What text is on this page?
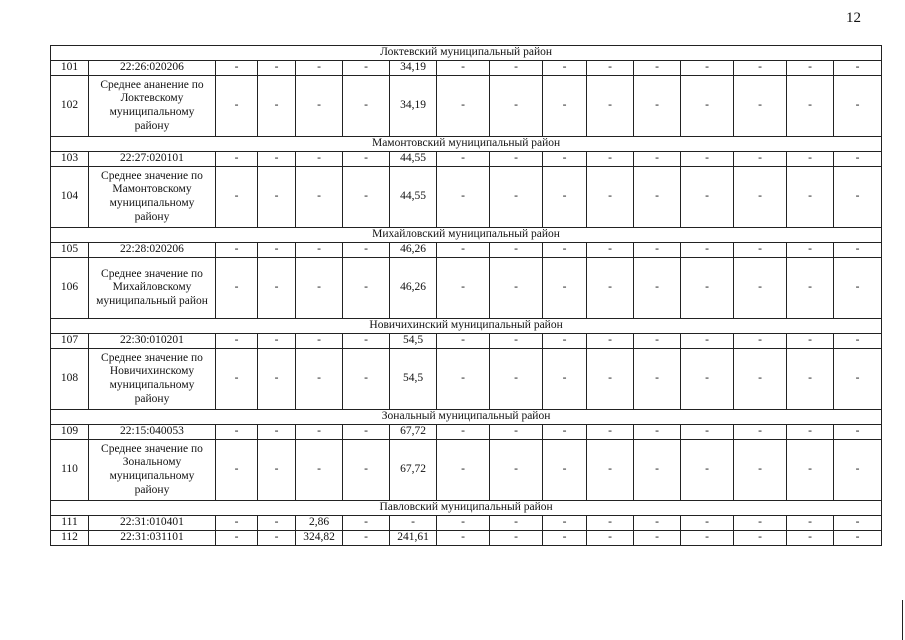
12
Локтевский муниципальный район															
101	22:26:020206	-	-	-	-	34,19	-	-	-	-	-	-	-	-	-
102	Среднее ананение по Локтевскому муниципальному району	-	-	-	-	34,19	-	-	-	-	-	-	-	-	-
Мамонтовский муниципальный район															
103	22:27:020101	-	-	-	-	44,55	-	-	-	-	-	-	-	-	-
104	Среднее значение по Мамонтовскому муниципальному району	-	-	-	-	44,55	-	-	-	-	-	-	-	-	-
Михайловский муниципальный район															
105	22:28:020206	-	-	-	-	46,26	-	-	-	-	-	-	-	-	-
106	Среднее значение по Михайловскому муниципальный район	-	-	-	-	46,26	-	-	-	-	-	-	-	-	-
Новичихинский муниципальный район															
107	22:30:010201	-	-	-	-	54,5	-	-	-	-	-	-	-	-	-
108	Среднее значение по Новичихинскому муниципальному району	-	-	-	-	54,5	-	-	-	-	-	-	-	-	-
Зональный муниципальный район															
109	22:15:040053	-	-	-	-	67,72	-	-	-	-	-	-	-	-	-
110	Среднее значение по Зональному муниципальному району	-	-	-	-	67,72	-	-	-	-	-	-	-	-	-
Павловский муниципальный район															
111	22:31:010401	-	-	2,86	-	-	-	-	-	-	-	-	-	-	-
112	22:31:031101	-	-	324,82	-	241,61	-	-	-	-	-	-	-	-	-
